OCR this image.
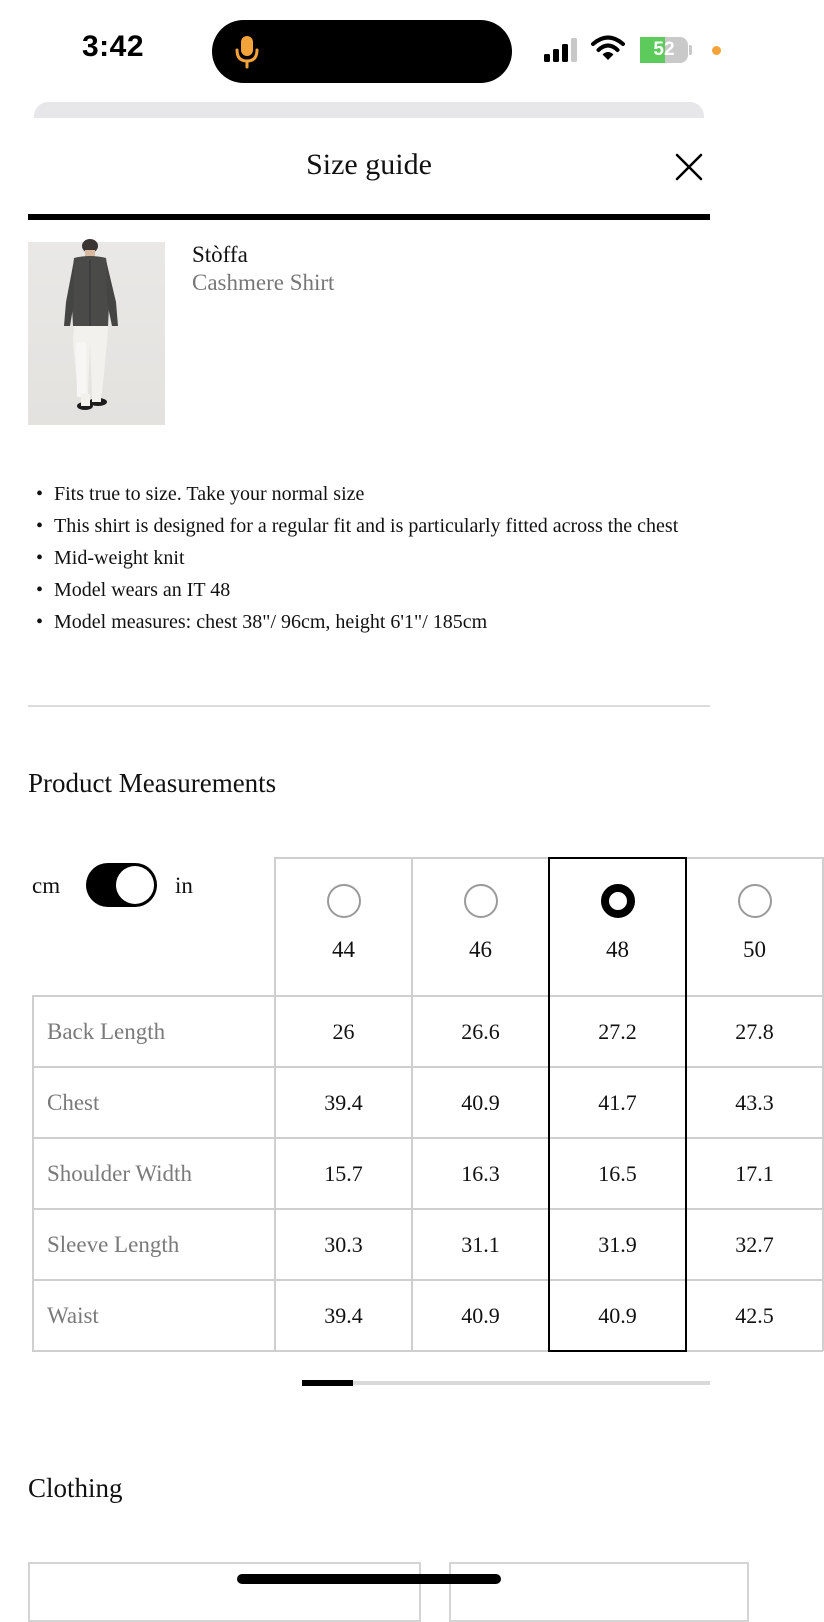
3:42	52
Size guide
Stòffa
Cashmere Shirt
• Fits true to size. Take your normal size
• This shirt is designed for a regular fit and is particularly fitted across the chest
• Mid-weight knit
• Model wears an IT 48
• Model measures: chest 38"/ 96cm, height 6'1"/ 185cm
Product Measurements
cm	in
44	46	48	50
Back Length	26	26.6	27.2	27.8
Chest	39.4	40.9	41.7	43.3
Shoulder Width	15.7	16.3	16.5	17.1
Sleeve Length	30.3	31.1	31.9	32.7
Waist	39.4	40.9	40.9	42.5
Clothing
